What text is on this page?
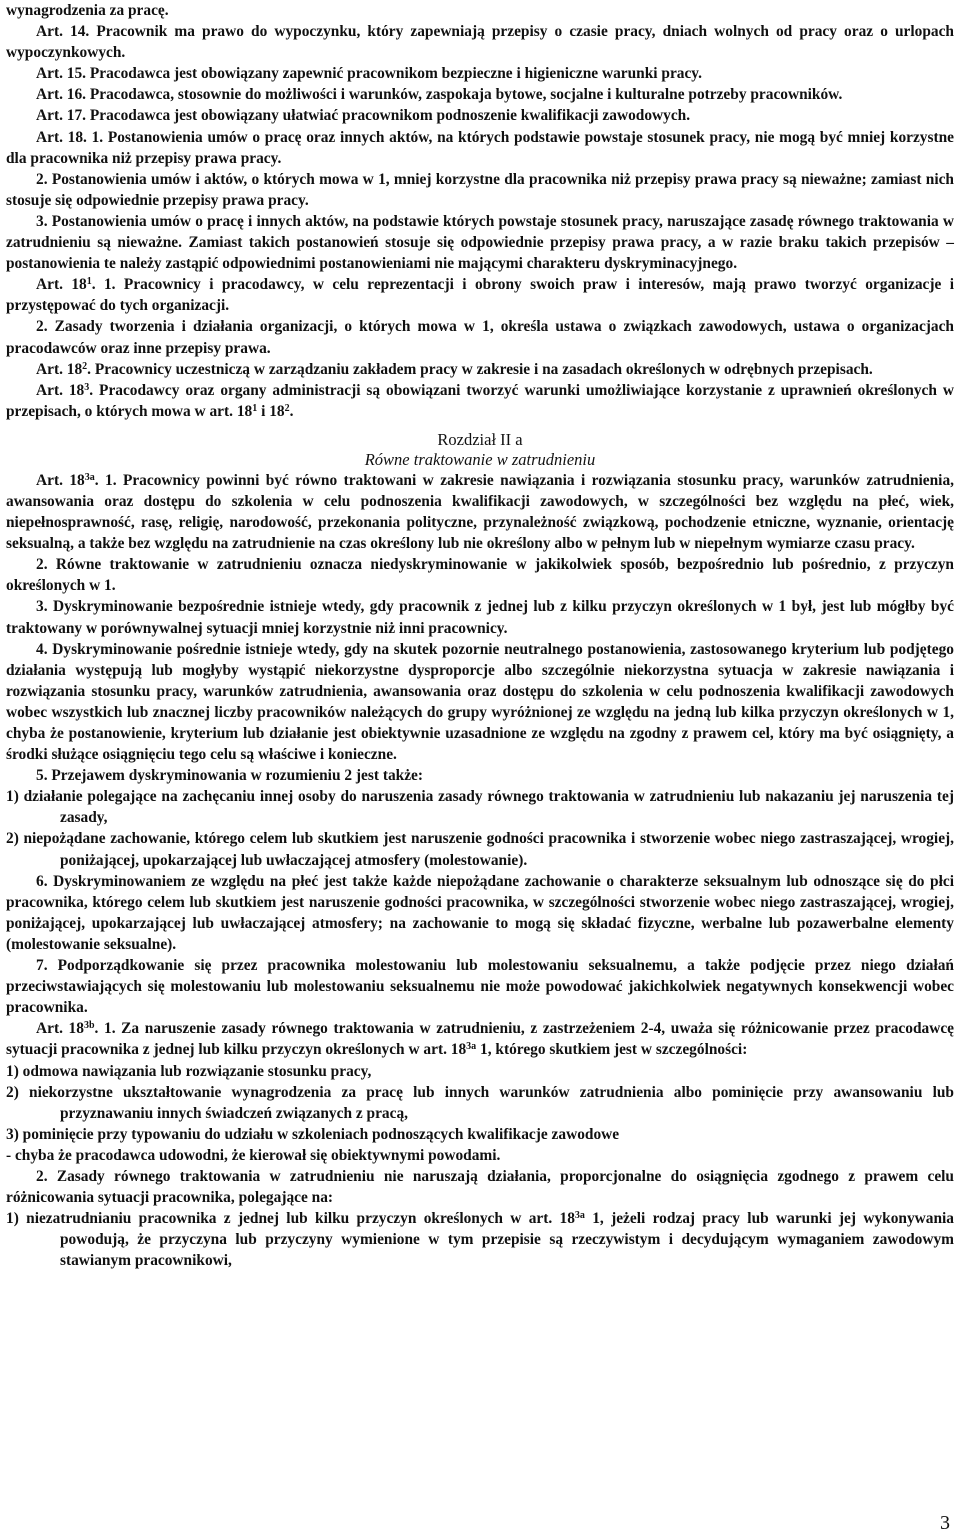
wynagrodzenia za pracę.

Art. 14. Pracownik ma prawo do wypoczynku, który zapewniają przepisy o czasie pracy, dniach wolnych od pracy oraz o urlopach wypoczynkowych.

Art. 15. Pracodawca jest obowiązany zapewnić pracownikom bezpieczne i higieniczne warunki pracy.

Art. 16. Pracodawca, stosownie do możliwości i warunków, zaspokaja bytowe, socjalne i kulturalne potrzeby pracowników.

Art. 17. Pracodawca jest obowiązany ułatwiać pracownikom podnoszenie kwalifikacji zawodowych.

Art. 18. 1. Postanowienia umów o pracę oraz innych aktów, na których podstawie powstaje stosunek pracy, nie mogą być mniej korzystne dla pracownika niż przepisy prawa pracy.

2. Postanowienia umów i aktów, o których mowa w 1, mniej korzystne dla pracownika niż przepisy prawa pracy są nieważne; zamiast nich stosuje się odpowiednie przepisy prawa pracy.

3. Postanowienia umów o pracę i innych aktów, na podstawie których powstaje stosunek pracy, naruszające zasadę równego traktowania w zatrudnieniu są nieważne. Zamiast takich postanowień stosuje się odpowiednie przepisy prawa pracy, a w razie braku takich przepisów – postanowienia te należy zastąpić odpowiednimi postanowieniami nie mającymi charakteru dyskryminacyjnego.

Art. $18^1$. 1. Pracownicy i pracodawcy, w celu reprezentacji i obrony swoich praw i interesów, mają prawo tworzyć organizacje i przystępować do tych organizacji.

2. Zasady tworzenia i działania organizacji, o których mowa w 1, określa ustawa o związkach zawodowych, ustawa o organizacjach pracodawców oraz inne przepisy prawa.

Art. $18^2$. Pracownicy uczestniczą w zarządzaniu zakładem pracy w zakresie i na zasadach określonych w odrębnych przepisach.

Art. $18^3$. Pracodawcy oraz organy administracji są obowiązani tworzyć warunki umożliwiające korzystanie z uprawnień określonych w przepisach, o których mowa w art. $18^1$ i $18^2$.

Rozdział II a

Równe traktowanie w zatrudnieniu

Art. $18^{3a}$. 1. Pracownicy powinni być równo traktowani w zakresie nawiązania i rozwiązania stosunku pracy, warunków zatrudnienia, awansowania oraz dostępu do szkolenia w celu podnoszenia kwalifikacji zawodowych, w szczególności bez względu na płeć, wiek, niepełnosprawność, rasę, religię, narodowość, przekonania polityczne, przynależność związkową, pochodzenie etniczne, wyznanie, orientację seksualną, a także bez względu na zatrudnienie na czas określony lub nie określony albo w pełnym lub w niepełnym wymiarze czasu pracy.

2. Równe traktowanie w zatrudnieniu oznacza niedyskryminowanie w jakikolwiek sposób, bezpośrednio lub pośrednio, z przyczyn określonych w 1.

3. Dyskryminowanie bezpośrednie istnieje wtedy, gdy pracownik z jednej lub z kilku przyczyn określonych w 1 był, jest lub mógłby być traktowany w porównywalnej sytuacji mniej korzystnie niż inni pracownicy.

4. Dyskryminowanie pośrednie istnieje wtedy, gdy na skutek pozornie neutralnego postanowienia, zastosowanego kryterium lub podjętego działania występują lub mogłyby wystąpić niekorzystne dysproporcje albo szczególnie niekorzystna sytuacja w zakresie nawiązania i rozwiązania stosunku pracy, warunków zatrudnienia, awansowania oraz dostępu do szkolenia w celu podnoszenia kwalifikacji zawodowych wobec wszystkich lub znacznej liczby pracowników należących do grupy wyróżnionej ze względu na jedną lub kilka przyczyn określonych w 1, chyba że postanowienie, kryterium lub działanie jest obiektywnie uzasadnione ze względu na zgodny z prawem cel, który ma być osiągnięty, a środki służące osiągnięciu tego celu są właściwe i konieczne.

5. Przejawem dyskryminowania w rozumieniu 2 jest także:

1) działanie polegające na zachęcaniu innej osoby do naruszenia zasady równego traktowania w zatrudnieniu lub nakazaniu jej naruszenia tej zasady,

2) niepożądane zachowanie, którego celem lub skutkiem jest naruszenie godności pracownika i stworzenie wobec niego zastraszającej, wrogiej, poniżającej, upokarzającej lub uwłaczającej atmosfery (molestowanie).

6. Dyskryminowaniem ze względu na płeć jest także każde niepożądane zachowanie o charakterze seksualnym lub odnoszące się do płci pracownika, którego celem lub skutkiem jest naruszenie godności pracownika, w szczególności stworzenie wobec niego zastraszającej, wrogiej, poniżającej, upokarzającej lub uwłaczającej atmosfery; na zachowanie to mogą się składać fizyczne, werbalne lub pozawerbalne elementy (molestowanie seksualne).

7. Podporządkowanie się przez pracownika molestowaniu lub molestowaniu seksualnemu, a także podjęcie przez niego działań przeciwstawiających się molestowaniu lub molestowaniu seksualnemu nie może powodować jakichkolwiek negatywnych konsekwencji wobec pracownika.

Art. $18^{3b}$. 1. Za naruszenie zasady równego traktowania w zatrudnieniu, z zastrzeżeniem 2-4, uważa się różnicowanie przez pracodawcę sytuacji pracownika z jednej lub kilku przyczyn określonych w art. $18^{3a}$ 1, którego skutkiem jest w szczególności:

1) odmowa nawiązania lub rozwiązanie stosunku pracy,

2) niekorzystne ukształtowanie wynagrodzenia za pracę lub innych warunków zatrudnienia albo pominięcie przy awansowaniu lub przyznawaniu innych świadczeń związanych z pracą,

3) pominięcie przy typowaniu do udziału w szkoleniach podnoszących kwalifikacje zawodowe

- chyba że pracodawca udowodni, że kierował się obiektywnymi powodami.

2. Zasady równego traktowania w zatrudnieniu nie naruszają działania, proporcjonalne do osiągnięcia zgodnego z prawem celu różnicowania sytuacji pracownika, polegające na:

1) niezatrudnianiu pracownika z jednej lub kilku przyczyn określonych w art. $18^{3a}$ 1, jeżeli rodzaj pracy lub warunki jej wykonywania powodują, że przyczyna lub przyczyny wymienione w tym przepisie są rzeczywistym i decydującym wymaganiem zawodowym stawianym pracownikowi,

3
